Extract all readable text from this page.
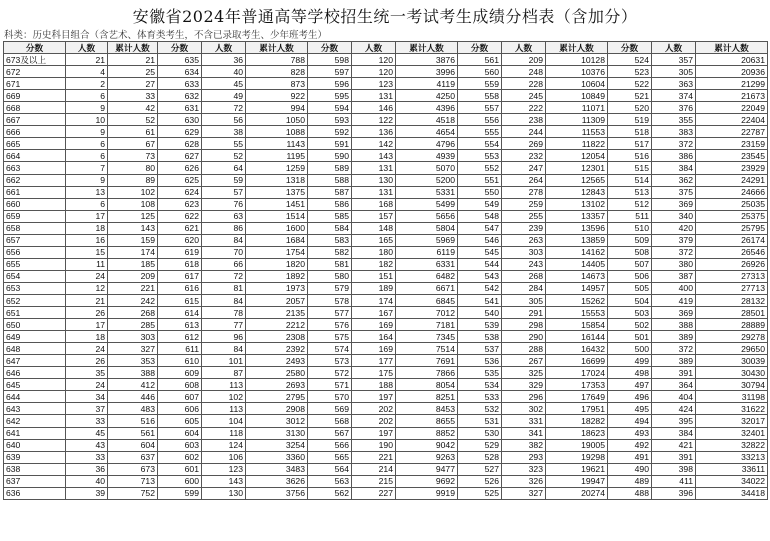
安徽省2024年普通高等学校招生统一考试考生成绩分档表（含加分）
科类：历史科目组合（含艺术、体育类考生，不含已录取考生、少年班考生）
分数	人数	累计人数	分数	人数	累计人数	分数	人数	累计人数	分数	人数	累计人数	分数	人数	累计人数
673及以上	21	21	635	36	788	598	120	3876	561	209	10128	524	357	20631
672	4	25	634	40	828	597	120	3996	560	248	10376	523	305	20936
671	2	27	633	45	873	596	123	4119	559	228	10604	522	363	21299
669	6	33	632	49	922	595	131	4250	558	245	10849	521	374	21673
668	9	42	631	72	994	594	146	4396	557	222	11071	520	376	22049
667	10	52	630	56	1050	593	122	4518	556	238	11309	519	355	22404
666	9	61	629	38	1088	592	136	4654	555	244	11553	518	383	22787
665	6	67	628	55	1143	591	142	4796	554	269	11822	517	372	23159
664	6	73	627	52	1195	590	143	4939	553	232	12054	516	386	23545
663	7	80	626	64	1259	589	131	5070	552	247	12301	515	384	23929
662	9	89	625	59	1318	588	130	5200	551	264	12565	514	362	24291
661	13	102	624	57	1375	587	131	5331	550	278	12843	513	375	24666
660	6	108	623	76	1451	586	168	5499	549	259	13102	512	369	25035
659	17	125	622	63	1514	585	157	5656	548	255	13357	511	340	25375
658	18	143	621	86	1600	584	148	5804	547	239	13596	510	420	25795
657	16	159	620	84	1684	583	165	5969	546	263	13859	509	379	26174
656	15	174	619	70	1754	582	180	6119	545	303	14162	508	372	26546
655	11	185	618	66	1820	581	182	6331	544	243	14405	507	380	26926
654	24	209	617	72	1892	580	151	6482	543	268	14673	506	387	27313
653	12	221	616	81	1973	579	189	6671	542	284	14957	505	400	27713
652	21	242	615	84	2057	578	174	6845	541	305	15262	504	419	28132
651	26	268	614	78	2135	577	167	7012	540	291	15553	503	369	28501
650	17	285	613	77	2212	576	169	7181	539	298	15854	502	388	28889
649	18	303	612	96	2308	575	164	7345	538	290	16144	501	389	29278
648	24	327	611	84	2392	574	169	7514	537	288	16432	500	372	29650
647	26	353	610	101	2493	573	177	7691	536	267	16699	499	389	30039
646	35	388	609	87	2580	572	175	7866	535	325	17024	498	391	30430
645	24	412	608	113	2693	571	188	8054	534	329	17353	497	364	30794
644	34	446	607	102	2795	570	197	8251	533	296	17649	496	404	31198
643	37	483	606	113	2908	569	202	8453	532	302	17951	495	424	31622
642	33	516	605	104	3012	568	202	8655	531	331	18282	494	395	32017
641	45	561	604	118	3130	567	197	8852	530	341	18623	493	384	32401
640	43	604	603	124	3254	566	190	9042	529	382	19005	492	421	32822
639	33	637	602	106	3360	565	221	9263	528	293	19298	491	391	33213
638	36	673	601	123	3483	564	214	9477	527	323	19621	490	398	33611
637	40	713	600	143	3626	563	215	9692	526	326	19947	489	411	34022
636	39	752	599	130	3756	562	227	9919	525	327	20274	488	396	34418
